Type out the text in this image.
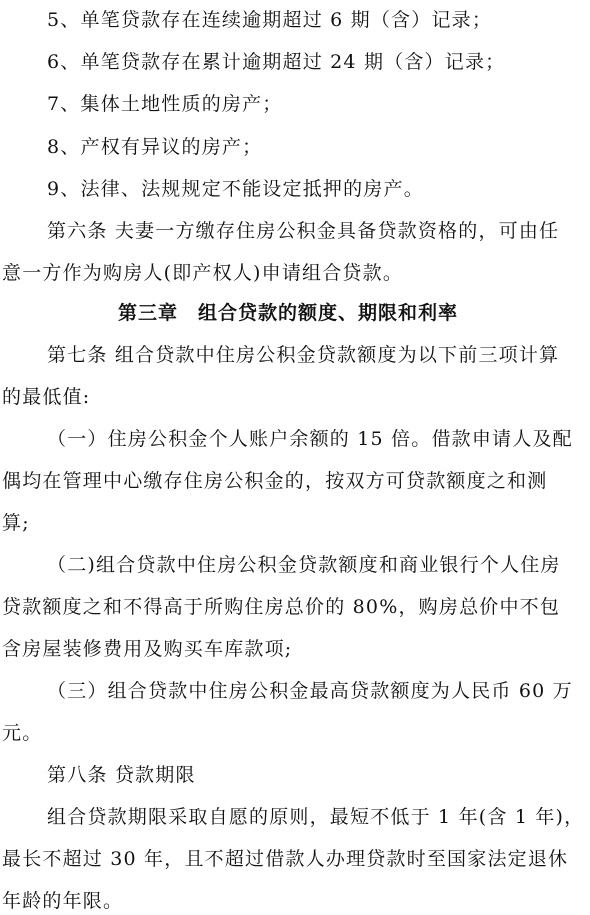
5、单笔贷款存在连续逾期超过 6 期（含）记录；
6、单笔贷款存在累计逾期超过 24 期（含）记录；
7、集体土地性质的房产；
8、产权有异议的房产；
9、法律、法规规定不能设定抵押的房产。
第六条 夫妻一方缴存住房公积金具备贷款资格的，可由任
意一方作为购房人(即产权人)申请组合贷款。
第三章　组合贷款的额度、期限和利率
第七条 组合贷款中住房公积金贷款额度为以下前三项计算
的最低值:
（一）住房公积金个人账户余额的 15 倍。借款申请人及配
偶均在管理中心缴存住房公积金的，按双方可贷款额度之和测
算;
（二)组合贷款中住房公积金贷款额度和商业银行个人住房
贷款额度之和不得高于所购住房总价的 80%，购房总价中不包
含房屋装修费用及购买车库款项;
（三）组合贷款中住房公积金最高贷款额度为人民币 60 万
元。
第八条 贷款期限
组合贷款期限采取自愿的原则，最短不低于 1 年(含 1 年)，
最长不超过 30 年，且不超过借款人办理贷款时至国家法定退休
年龄的年限。
